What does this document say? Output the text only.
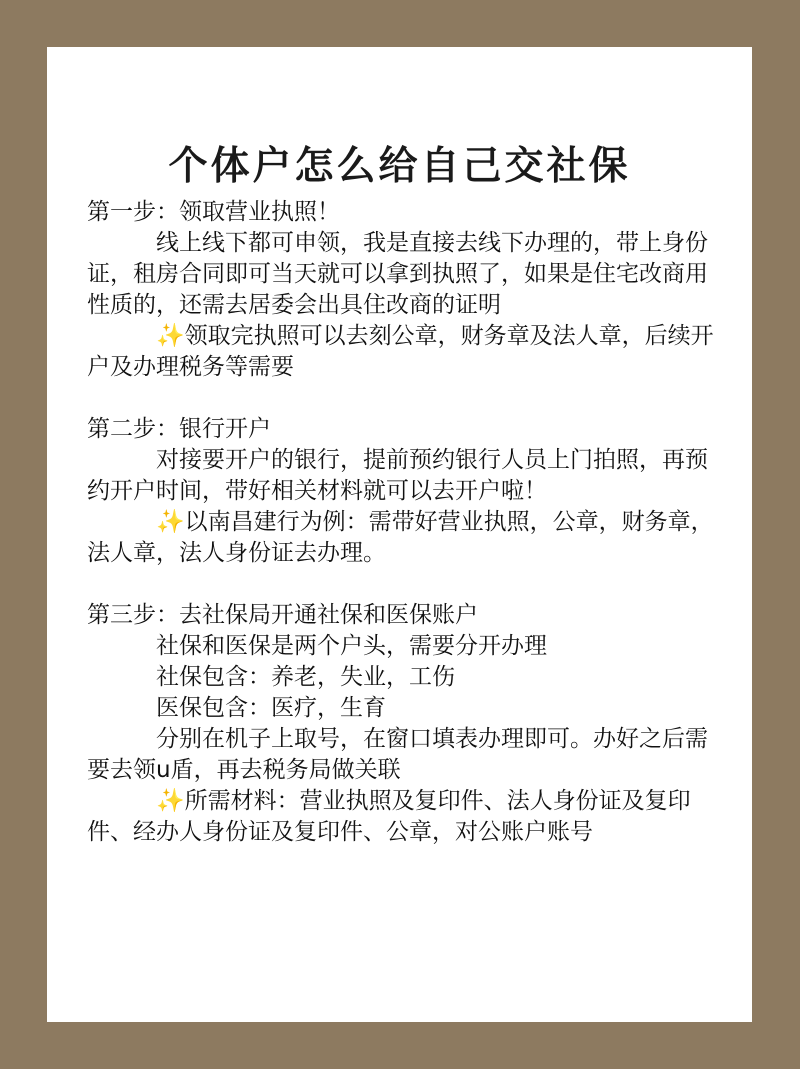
个体户怎么给自己交社保
第一步：领取营业执照！
线上线下都可申领，我是直接去线下办理的，带上身份证，租房合同即可当天就可以拿到执照了，如果是住宅改商用性质的，还需去居委会出具住改商的证明
✨领取完执照可以去刻公章，财务章及法人章，后续开户及办理税务等需要
第二步：银行开户
对接要开户的银行，提前预约银行人员上门拍照，再预约开户时间，带好相关材料就可以去开户啦！
✨以南昌建行为例：需带好营业执照，公章，财务章，法人章，法人身份证去办理。
第三步：去社保局开通社保和医保账户
社保和医保是两个户头，需要分开办理
社保包含：养老，失业，工伤
医保包含：医疗，生育
分别在机子上取号，在窗口填表办理即可。办好之后需要去领u盾，再去税务局做关联
✨所需材料：营业执照及复印件、法人身份证及复印件、经办人身份证及复印件、公章，对公账户账号
